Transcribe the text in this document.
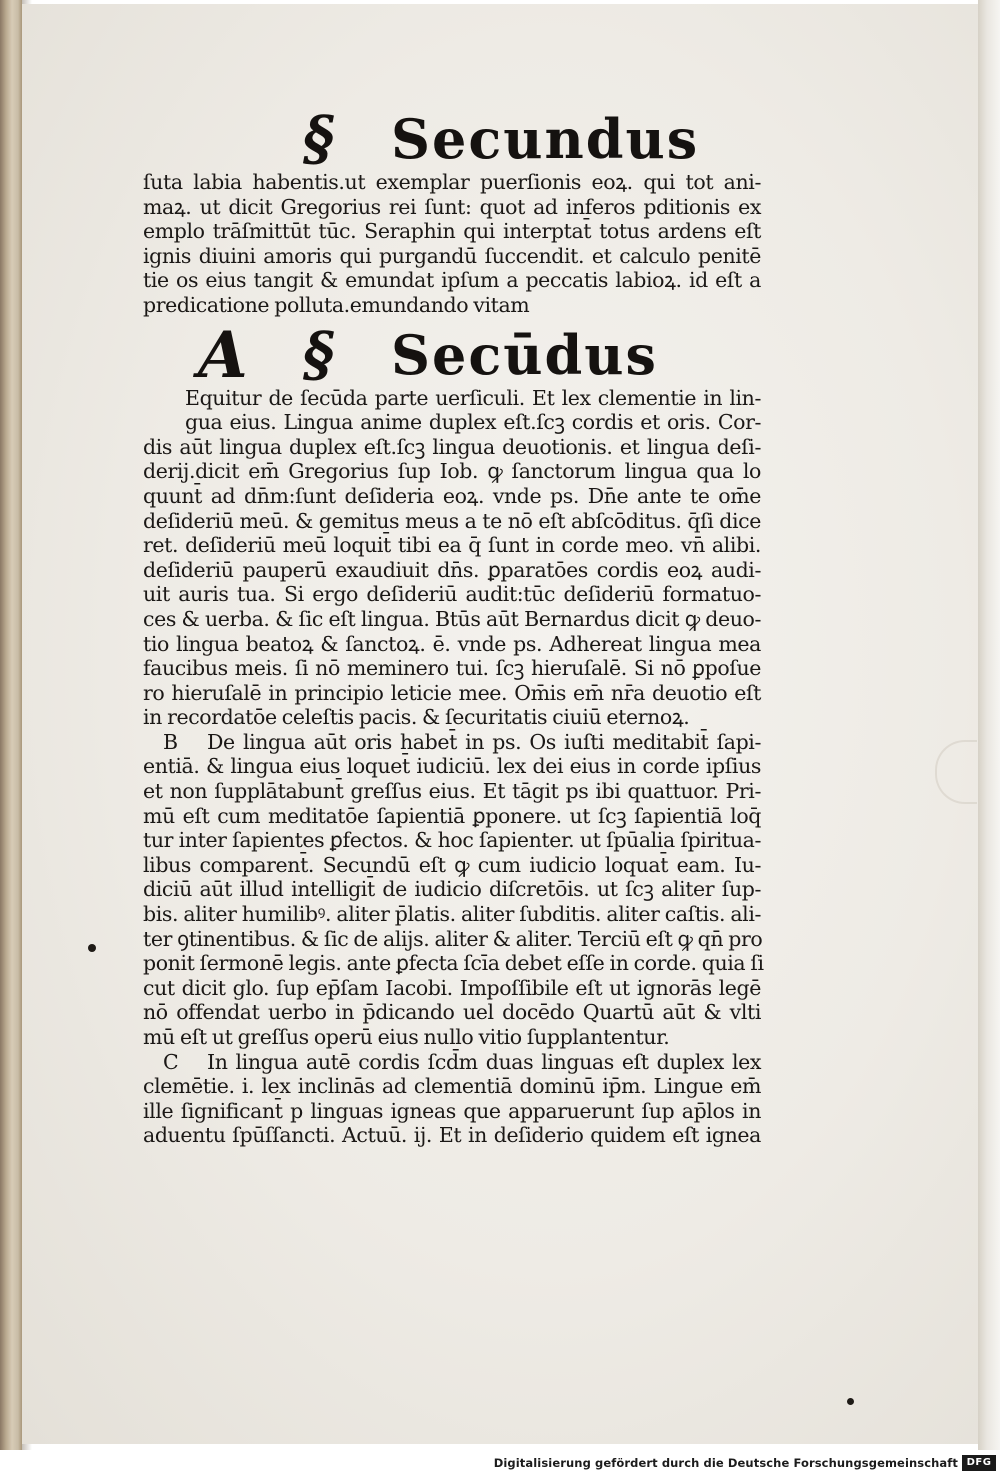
§ Secundus
ſuta labia habentis.ut exemplar puerſionis eoꝝ. qui tot ani-
maꝝ. ut dicit Gregorius rei ſunt: quot ad inferos pditionis ex
emplo trāſmittūt tūc. Seraphin qui interptat̄ totus ardens eſt
ignis diuini amoris qui purgandū ſuccendit. et calculo penitē
tie os eius tangit & emundat ipſum a peccatis labioꝝ. id eſt a
predicatione polluta.emundando vitam
A § Secūdus
Equitur de ſecūda parte uerſiculi. Et lex clementie in lin-
gua eius. Lingua anime duplex eſt.ſcꝫ cordis et oris. Cor-
dis aūt lingua duplex eſt.ſcꝫ lingua deuotionis. et lingua deſi-
derij.dicit em̄ Gregorius ſup Iob. ꝙ ſanctorum lingua qua lo
quunt̄ ad dn̄m:ſunt deſideria eoꝝ. vnde ps. Dn̄e ante te om̄e
deſideriū meū. & gemitus meus a te nō eſt abſcōditus. q̄ſi dice
ret. deſideriū meū loquit̄ tibi ea q̄ ſunt in corde meo. vn̄ alibi.
deſideriū pauperū exaudiuit dn̄s. ꝑparatōes cordis eoꝝ audi-
uit auris tua. Si ergo deſideriū audit:tūc deſideriū formatuo-
ces & uerba. & ſic eſt lingua. Btūs aūt Bernardus dicit ꝙ deuo-
tio lingua beatoꝝ & ſanctoꝝ. ē. vnde ps. Adhereat lingua mea
faucibus meis. ſi nō meminero tui. ſcꝫ hieruſalē. Si nō ꝑpoſue
ro hieruſalē in principio leticie mee. Om̄is em̄ nr̄a deuotio eſt
in recordatōe celeſtis pacis. & ſecuritatis ciuiū eternoꝝ.
B De lingua aūt oris habet̄ in ps. Os iuſti meditabit̄ ſapi-
entiā. & lingua eius loquet̄ iudiciū. lex dei eius in corde ipſius
et non ſupplātabunt̄ greſſus eius. Et tāgit ps ibi quattuor. Pri-
mū eſt cum meditatōe ſapientiā ꝑponere. ut ſcꝫ ſapientiā loq̄
tur inter ſapientes ꝑfectos. & hoc ſapienter. ut ſpūalia ſpiritua-
libus comparent̄. Secundū eſt ꝙ cum iudicio loquat̄ eam. Iu-
diciū aūt illud intelligit̄ de iudicio diſcretōis. ut ſcꝫ aliter ſup-
bis. aliter humilibꝰ. aliter p̄latis. aliter ſubditis. aliter caſtis. ali-
ter ꝯtinentibus. & ſic de alijs. aliter & aliter. Terciū eſt ꝙ qn̄ pro
ponit ſermonē legis. ante ꝑfecta ſcīa debet eſſe in corde. quia ſi
cut dicit glo. ſup ep̄ſam Iacobi. Impoſſibile eſt ut ignorās legē
nō offendat uerbo in p̄dicando uel docēdo Quartū aūt & vlti
mū eſt ut greſſus operū eius nullo vitio ſupplantentur.
C In lingua autē cordis ſcd̄m duas linguas eſt duplex lex
clemētie. i. lex inclinās ad clementiā dominū ip̄m. Lingue em̄
ille ſignificant̄ p linguas igneas que apparuerunt ſup ap̄los in
aduentu ſpūſſancti. Actuū. ij. Et in deſiderio quidem eſt ignea
Digitalisierung gefördert durch die Deutsche Forschungsgemeinschaft DFG
